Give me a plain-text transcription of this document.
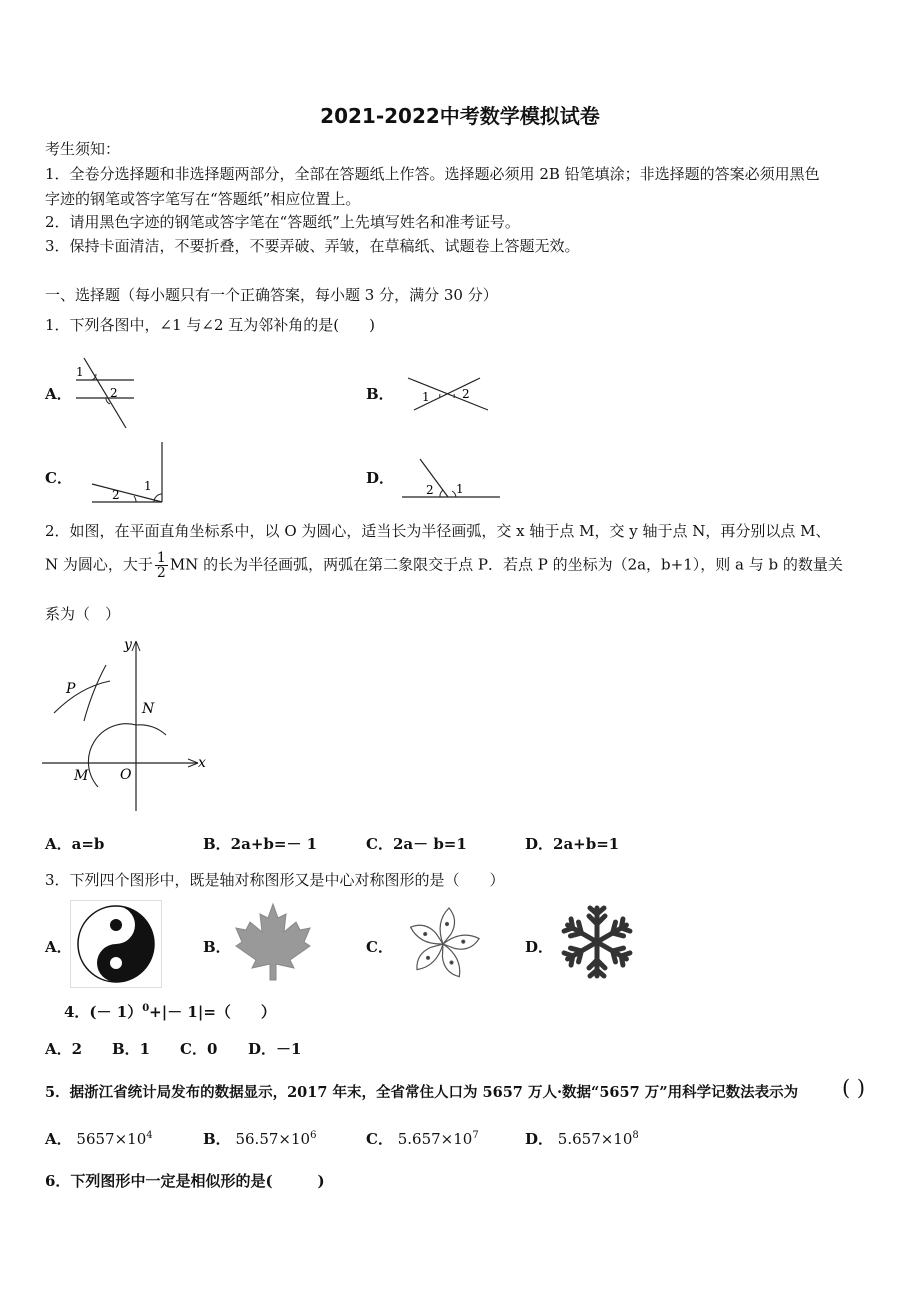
2021-2022中考数学模拟试卷
考生须知：
1．全卷分选择题和非选择题两部分，全部在答题纸上作答。选择题必须用 2B 铅笔填涂；非选择题的答案必须用黑色
字迹的钢笔或答字笔写在“答题纸”相应位置上。
2．请用黑色字迹的钢笔或答字笔在“答题纸”上先填写姓名和准考证号。
3．保持卡面清洁，不要折叠，不要弄破、弄皱，在草稿纸、试题卷上答题无效。
一、选择题（每小题只有一个正确答案，每小题 3 分，满分 30 分）
1．下列各图中，∠1 与∠2 互为邻补角的是(　　)
A．
1
2	B． 1	2
C．	1
2
D．
1
2
2．如图，在平面直角坐标系中，以 O 为圆心，适当长为半径画弧，交 x 轴于点 M，交 y 轴于点 N，再分别以点 M、
N 为圆心，大于 $\frac{1}{2}$ MN 的长为半径画弧，两弧在第二象限交于点 P．若点 P 的坐标为（2a，b+1），则 a 与 b 的数量关
系为（　）
y
x
P
N
M O
A．a=b	B．2a+b=－ 1	C．2a－ b=1	D．2a+b=1
3．下列四个图形中，既是轴对称图形又是中心对称图形的是（　　）
A．	B．	C．	D．
4．(－ 1）$^0$+|－ 1|=（　　）
A．2 B．1 C．0 D．－1
5．据浙江省统计局发布的数据显示，2017 年末，全省常住人口为 5657 万人·数据“5657 万”用科学记数法表示为 ( )
A． $5657\times 10^4$	B． $56.57\times 10^6$	C． $5.657\times 10^7$	D． $5.657\times 10^8$
6．下列图形中一定是相似形的是(　　　)
